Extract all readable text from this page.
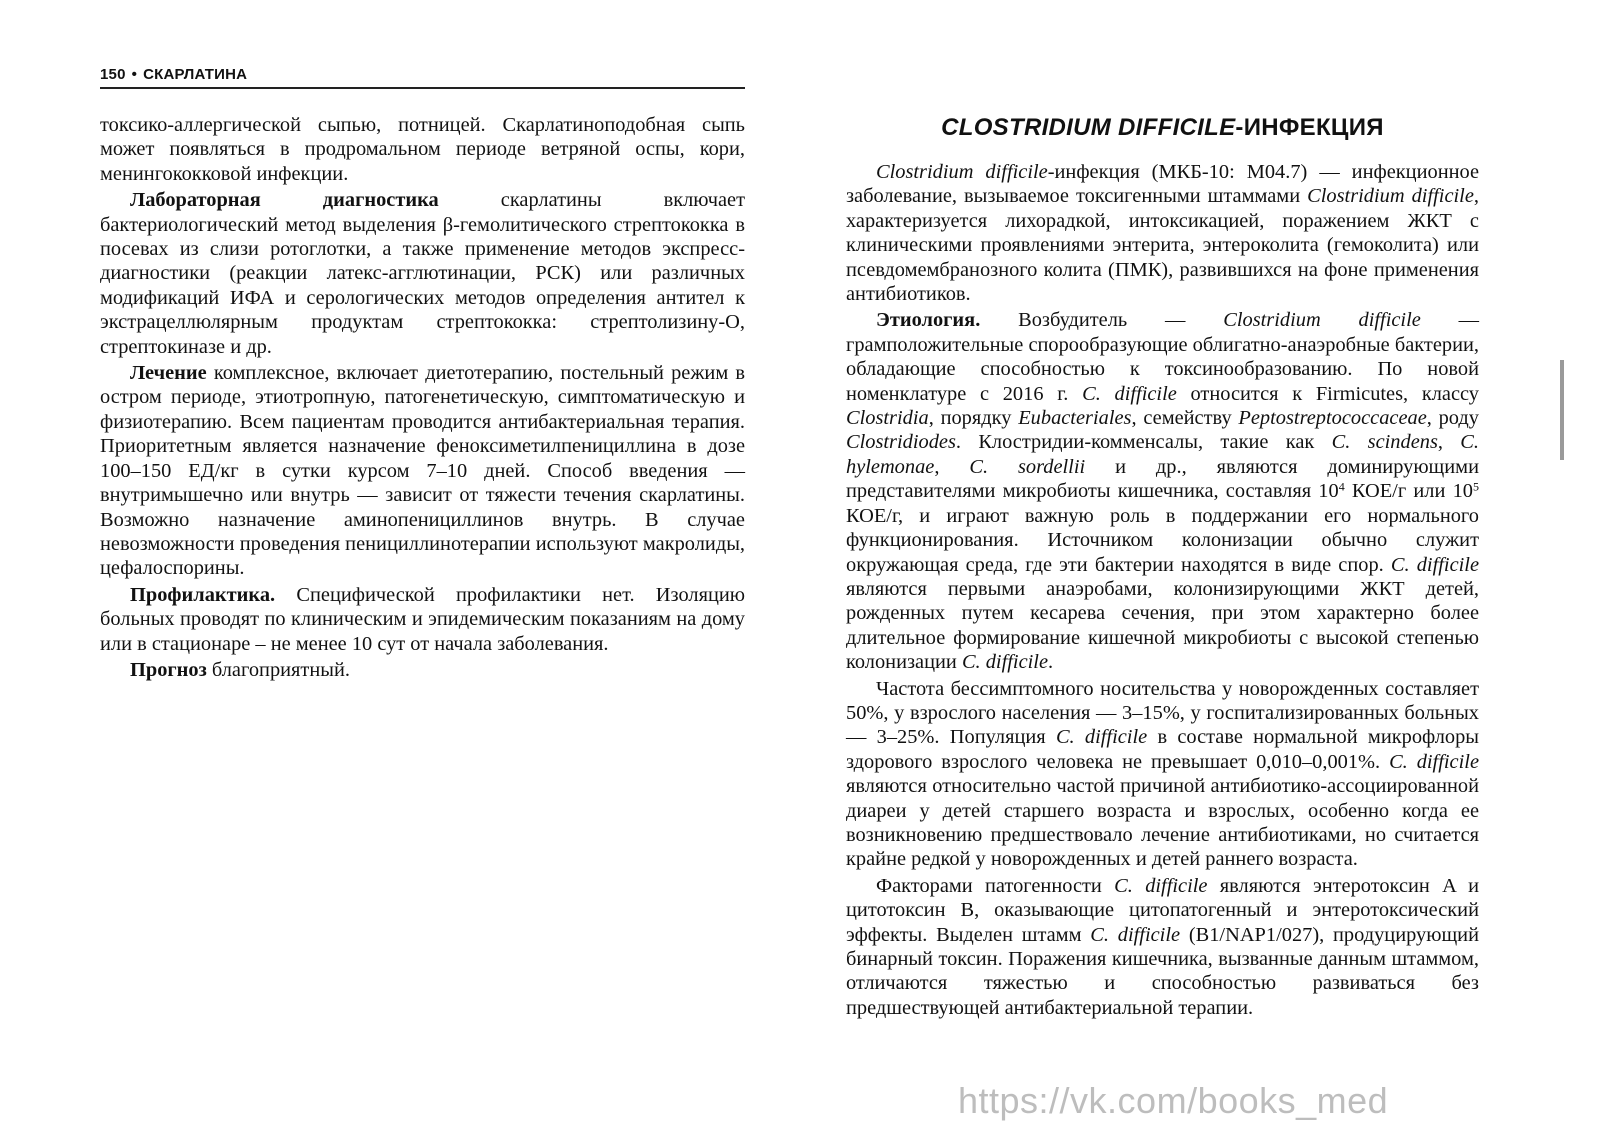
150 • СКАРЛАТИНА

токсико-аллергической сыпью, потницей. Скарлатиноподобная сыпь может появляться в продромальном периоде ветряной оспы, кори, менингококковой инфекции.

Лабораторная диагностика скарлатины включает бактериологический метод выделения β-гемолитического стрептококка в посевах из слизи ротоглотки, а также применение методов экспресс-диагностики (реакции латекс-агглютинации, РСК) или различных модификаций ИФА и серологических методов определения антител к экстрацеллюлярным продуктам стрептококка: стрептолизину-О, стрептокиназе и др.

Лечение комплексное, включает диетотерапию, постельный режим в остром периоде, этиотропную, патогенетическую, симптоматическую и физиотерапию. Всем пациентам проводится антибактериальная терапия. Приоритетным является назначение феноксиметилпенициллина в дозе 100–150 ЕД/кг в сутки курсом 7–10 дней. Способ введения — внутримышечно или внутрь — зависит от тяжести течения скарлатины. Возможно назначение аминопенициллинов внутрь. В случае невозможности проведения пенициллинотерапии используют макролиды, цефалоспорины.

Профилактика. Специфической профилактики нет. Изоляцию больных проводят по клиническим и эпидемическим показаниям на дому или в стационаре – не менее 10 сут от начала заболевания.

Прогноз благоприятный.

CLOSTRIDIUM DIFFICILE-ИНФЕКЦИЯ

Clostridium difficile-инфекция (МКБ-10: M04.7) — инфекционное заболевание, вызываемое токсигенными штаммами Clostridium difficile, характеризуется лихорадкой, интоксикацией, поражением ЖКТ с клиническими проявлениями энтерита, энтероколита (гемоколита) или псевдомембранозного колита (ПМК), развившихся на фоне применения антибиотиков.

Этиология. Возбудитель — Clostridium difficile — грамположительные спорообразующие облигатно-анаэробные бактерии, обладающие способностью к токсинообразованию. По новой номенклатуре с 2016 г. C. difficile относится к Firmicutes, классу Clostridia, порядку Eubacteriales, семейству Peptostreptococcaceae, роду Clostridiodes. Клостридии-комменсалы, такие как C. scindens, C. hylemonae, C. sordellii и др., являются доминирующими представителями микробиоты кишечника, составляя $10^4$ КОЕ/г или $10^5$ КОЕ/г, и играют важную роль в поддержании его нормального функционирования. Источником колонизации обычно служит окружающая среда, где эти бактерии находятся в виде спор. C. difficile являются первыми анаэробами, колонизирующими ЖКТ детей, рожденных путем кесарева сечения, при этом характерно более длительное формирование кишечной микробиоты с высокой степенью колонизации C. difficile.

Частота бессимптомного носительства у новорожденных составляет 50%, у взрослого населения — 3–15%, у госпитализированных больных — 3–25%. Популяция C. difficile в составе нормальной микрофлоры здорового взрослого человека не превышает 0,010–0,001%. C. difficile являются относительно частой причиной антибиотико-ассоциированной диареи у детей старшего возраста и взрослых, особенно когда ее возникновению предшествовало лечение антибиотиками, но считается крайне редкой у новорожденных и детей раннего возраста.

Факторами патогенности C. difficile являются энтеротоксин A и цитотоксин B, оказывающие цитопатогенный и энтеротоксический эффекты. Выделен штамм C. difficile (B1/NAP1/027), продуцирующий бинарный токсин. Поражения кишечника, вызванные данным штаммом, отличаются тяжестью и способностью развиваться без предшествующей антибактериальной терапии.

https://vk.com/books_med
